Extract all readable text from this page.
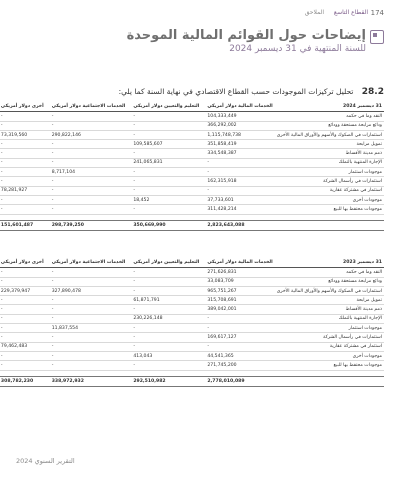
174
القطاع التاسع
الملاحق
إيضاحات حول القوائم المالية الموحدة
للسنة المنتهية في 31 ديسمبر 2024
28.2 تحليل تركيزات الموجودات حسب القطاع الاقتصادي في نهاية السنة كما يلي:
31 ديسمبر 2024	الخدمات المالية دولار أمريكي		التعليم والتعيين دولار أمريكي		الخدمات الاجتماعية دولار أمريكي		أخرى دولار أمريكي		
النقد وما في حكمه	104,333,449		-		-		-		
ودائع مرابحة مستحقة وودائع	366,292,002		-		-		-		
استثمارات في الصكوك والأسهم والأوراق المالية الأخرى	1,115,748,738		-		290,822,146		73,319,560		
تمويل مرابحة	351,858,419		109,585,607		-		-		
ذمم مدينة الأقساط	334,548,387		-		-		-		
الإجارة المنتهية بالتملك	-		241,065,831		-		-		
موجودات استثمار	-		-		8,717,104		-		
استثمارات في رأسمال الشركة	162,315,918		-		-		-		
استثمار في مشتركة عقارية	-		-		-		78,281,927		
موجودات أخرى	37,733,601		18,452		-		-		
موجودات محتفظ بها للبيع	311,428,214		-		-		-		

	2,823,643,088		350,669,990		298,739,250		151,601,487		
31 ديسمبر 2023	الخدمات المالية دولار أمريكي		التعليم والتعيين دولار أمريكي		الخدمات الاجتماعية دولار أمريكي		أخرى دولار أمريكي		
النقد وما في حكمه	271,626,831		-		-		-		
ودائع مرابحة مستحقة وودائع	33,083,709		-		-		-		
استثمارات في الصكوك والأسهم والأوراق المالية الأخرى	965,751,267		-		327,890,478		229,379,947		
تمويل مرابحة	315,708,691		61,871,791		-		-		
ذمم مدينة الأقساط	389,042,001		-		-		-		
الإجارة المنتهية بالتملك	-		230,226,148		-		-		
موجودات استثمار	-		-		11,837,554		-		
استثمارات في رأسمال الشركة	169,617,127		-		-		-		
استثمار في مشتركة عقارية	-		-		-		79,462,483		
موجودات أخرى	44,541,365		413,043		-		-		
موجودات محتفظ بها للبيع	271,745,200		-		-		-		

	2,778,010,089		292,510,982		338,972,932		308,782,230		
التقرير السنوي 2024
